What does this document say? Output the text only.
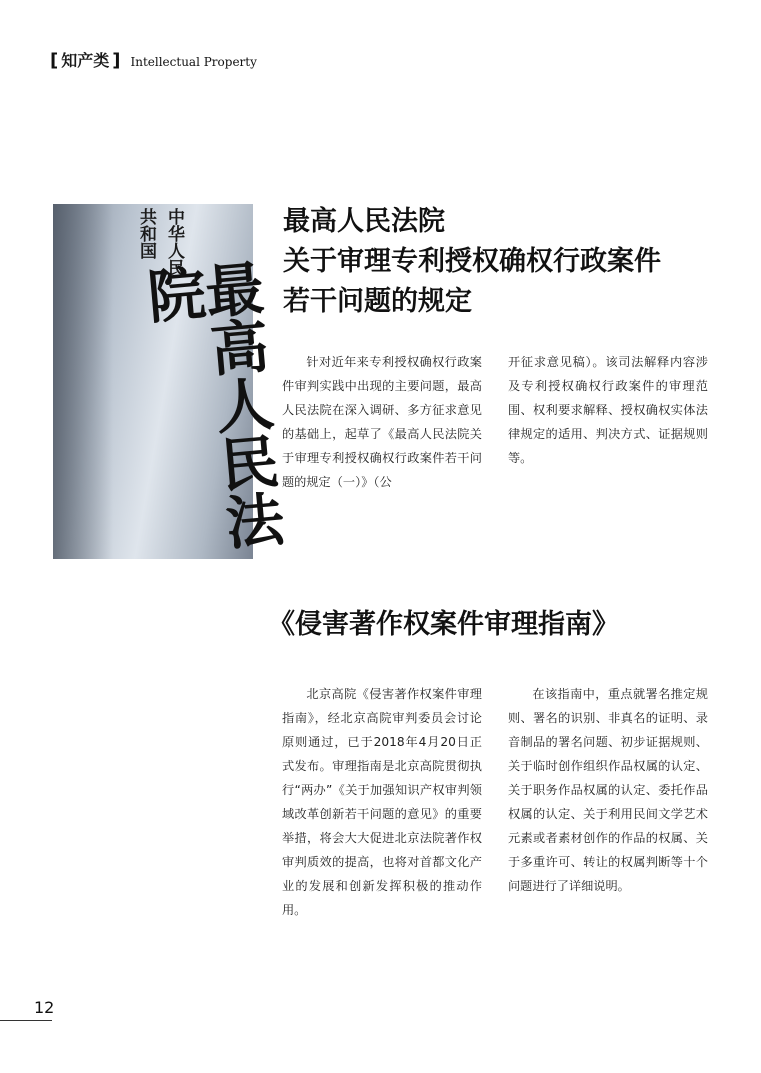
[ 知产类 ] Intellectual Property
中华人民
共和国
最高人民法院
最高人民法院
关于审理专利授权确权行政案件
若干问题的规定

针对近年来专利授权确权行政案件审判实践中出现的主要问题，最高人民法院在深入调研、多方征求意见的基础上，起草了《最高人民法院关于审理专利授权确权行政案件若干问题的规定（一）》（公

开征求意见稿）。该司法解释内容涉及专利授权确权行政案件的审理范围、权利要求解释、授权确权实体法律规定的适用、判决方式、证据规则等。

《侵害著作权案件审理指南》

北京高院《侵害著作权案件审理指南》，经北京高院审判委员会讨论原则通过，已于2018年4月20日正式发布。审理指南是北京高院贯彻执行“两办”《关于加强知识产权审判领域改革创新若干问题的意见》的重要举措，将会大大促进北京法院著作权审判质效的提高，也将对首都文化产业的发展和创新发挥积极的推动作用。

在该指南中，重点就署名推定规则、署名的识别、非真名的证明、录音制品的署名问题、初步证据规则、关于临时创作组织作品权属的认定、关于职务作品权属的认定、委托作品权属的认定、关于利用民间文学艺术元素或者素材创作的作品的权属、关于多重许可、转让的权属判断等十个问题进行了详细说明。

12
